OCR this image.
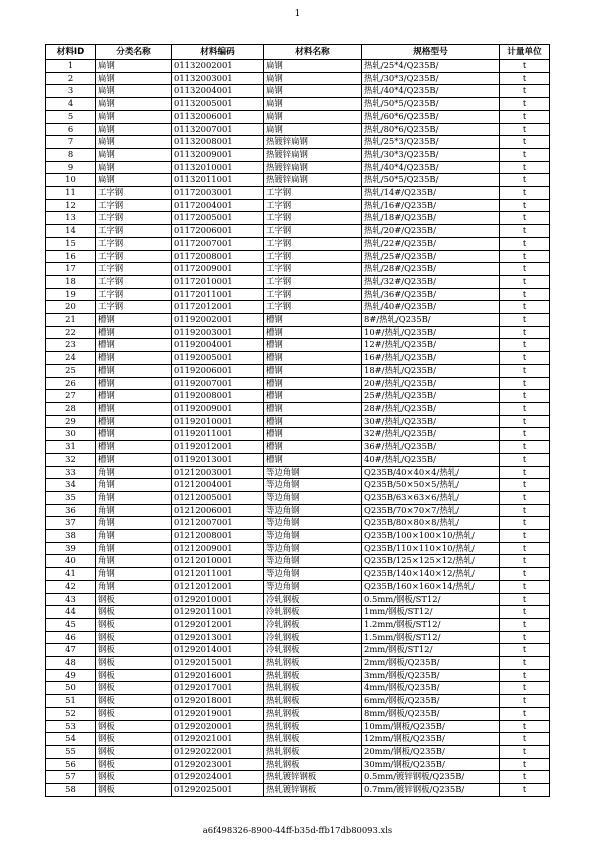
1
材料ID	分类名称	材料编码	材料名称	规格型号	计量单位
1	扁钢	01132002001	扁钢	热轧/25*4/Q235B/	t
2	扁钢	01132003001	扁钢	热轧/30*3/Q235B/	t
3	扁钢	01132004001	扁钢	热轧/40*4/Q235B/	t
4	扁钢	01132005001	扁钢	热轧/50*5/Q235B/	t
5	扁钢	01132006001	扁钢	热轧/60*6/Q235B/	t
6	扁钢	01132007001	扁钢	热轧/80*6/Q235B/	t
7	扁钢	01132008001	热镀锌扁钢	热轧/25*3/Q235B/	t
8	扁钢	01132009001	热镀锌扁钢	热轧/30*3/Q235B/	t
9	扁钢	01132010001	热镀锌扁钢	热轧/40*4/Q235B/	t
10	扁钢	01132011001	热镀锌扁钢	热轧/50*5/Q235B/	t
11	工字钢	01172003001	工字钢	热轧/14#/Q235B/	t
12	工字钢	01172004001	工字钢	热轧/16#/Q235B/	t
13	工字钢	01172005001	工字钢	热轧/18#/Q235B/	t
14	工字钢	01172006001	工字钢	热轧/20#/Q235B/	t
15	工字钢	01172007001	工字钢	热轧/22#/Q235B/	t
16	工字钢	01172008001	工字钢	热轧/25#/Q235B/	t
17	工字钢	01172009001	工字钢	热轧/28#/Q235B/	t
18	工字钢	01172010001	工字钢	热轧/32#/Q235B/	t
19	工字钢	01172011001	工字钢	热轧/36#/Q235B/	t
20	工字钢	01172012001	工字钢	热轧/40#/Q235B/	t
21	槽钢	01192002001	槽钢	8#/热轧/Q235B/	t
22	槽钢	01192003001	槽钢	10#/热轧/Q235B/	t
23	槽钢	01192004001	槽钢	12#/热轧/Q235B/	t
24	槽钢	01192005001	槽钢	16#/热轧/Q235B/	t
25	槽钢	01192006001	槽钢	18#/热轧/Q235B/	t
26	槽钢	01192007001	槽钢	20#/热轧/Q235B/	t
27	槽钢	01192008001	槽钢	25#/热轧/Q235B/	t
28	槽钢	01192009001	槽钢	28#/热轧/Q235B/	t
29	槽钢	01192010001	槽钢	30#/热轧/Q235B/	t
30	槽钢	01192011001	槽钢	32#/热轧/Q235B/	t
31	槽钢	01192012001	槽钢	36#/热轧/Q235B/	t
32	槽钢	01192013001	槽钢	40#/热轧/Q235B/	t
33	角钢	01212003001	等边角钢	Q235B/40×40×4/热轧/	t
34	角钢	01212004001	等边角钢	Q235B/50×50×5/热轧/	t
35	角钢	01212005001	等边角钢	Q235B/63×63×6/热轧/	t
36	角钢	01212006001	等边角钢	Q235B/70×70×7/热轧/	t
37	角钢	01212007001	等边角钢	Q235B/80×80×8/热轧/	t
38	角钢	01212008001	等边角钢	Q235B/100×100×10/热轧/	t
39	角钢	01212009001	等边角钢	Q235B/110×110×10/热轧/	t
40	角钢	01212010001	等边角钢	Q235B/125×125×12/热轧/	t
41	角钢	01212011001	等边角钢	Q235B/140×140×12/热轧/	t
42	角钢	01212012001	等边角钢	Q235B/160×160×14/热轧/	t
43	钢板	01292010001	冷轧钢板	0.5mm/钢板/ST12/	t
44	钢板	01292011001	冷轧钢板	1mm/钢板/ST12/	t
45	钢板	01292012001	冷轧钢板	1.2mm/钢板/ST12/	t
46	钢板	01292013001	冷轧钢板	1.5mm/钢板/ST12/	t
47	钢板	01292014001	冷轧钢板	2mm/钢板/ST12/	t
48	钢板	01292015001	热轧钢板	2mm/钢板/Q235B/	t
49	钢板	01292016001	热轧钢板	3mm/钢板/Q235B/	t
50	钢板	01292017001	热轧钢板	4mm/钢板/Q235B/	t
51	钢板	01292018001	热轧钢板	6mm/钢板/Q235B/	t
52	钢板	01292019001	热轧钢板	8mm/钢板/Q235B/	t
53	钢板	01292020001	热轧钢板	10mm/钢板/Q235B/	t
54	钢板	01292021001	热轧钢板	12mm/钢板/Q235B/	t
55	钢板	01292022001	热轧钢板	20mm/钢板/Q235B/	t
56	钢板	01292023001	热轧钢板	30mm/钢板/Q235B/	t
57	钢板	01292024001	热轧镀锌钢板	0.5mm/镀锌钢板/Q235B/	t
58	钢板	01292025001	热轧镀锌钢板	0.7mm/镀锌钢板/Q235B/	t
a6f498326-8900-44ff-b35d-ffb17db80093.xls
